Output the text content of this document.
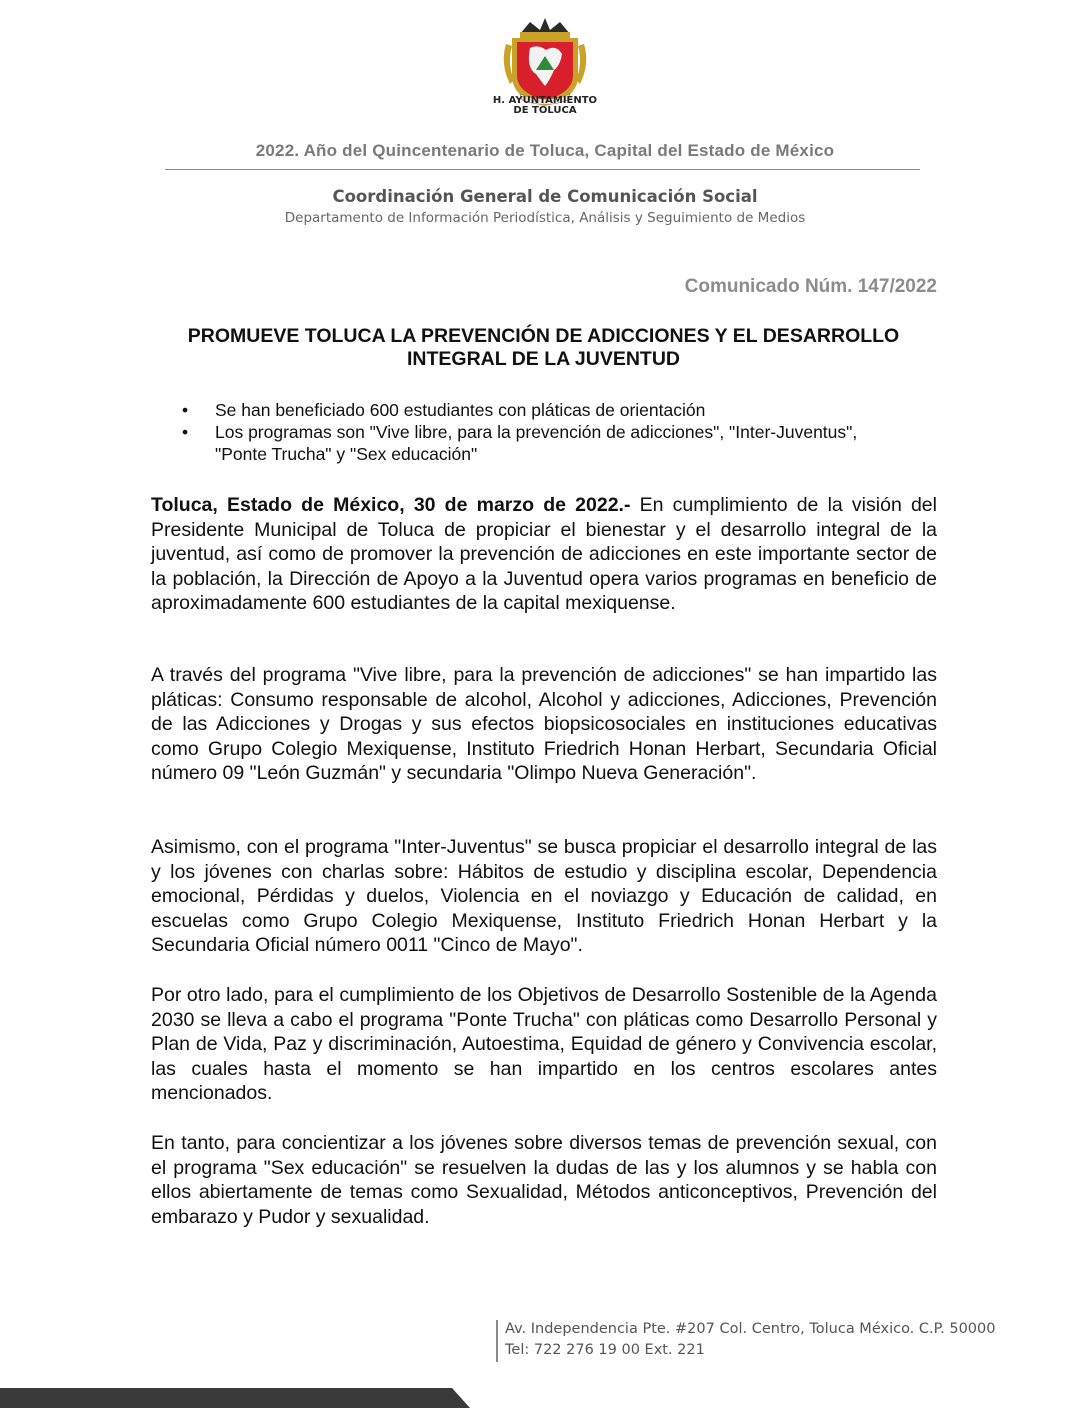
H. AYUNTAMIENTO
DE TOLUCA
2022. Año del Quincentenario de Toluca, Capital del Estado de México
Coordinación General de Comunicación Social
Departamento de Información Periodística, Análisis y Seguimiento de Medios
Comunicado Núm. 147/2022
PROMUEVE TOLUCA LA PREVENCIÓN DE ADICCIONES Y EL DESARROLLO
INTEGRAL DE LA JUVENTUD
• Se han beneficiado 600 estudiantes con pláticas de orientación
• Los programas son "Vive libre, para la prevención de adicciones", "Inter-Juventus", "Ponte Trucha" y "Sex educación"

Toluca, Estado de México, 30 de marzo de 2022.- En cumplimiento de la visión del Presidente Municipal de Toluca de propiciar el bienestar y el desarrollo integral de la juventud, así como de promover la prevención de adicciones en este importante sector de la población, la Dirección de Apoyo a la Juventud opera varios programas en beneficio de aproximadamente 600 estudiantes de la capital mexiquense.

A través del programa "Vive libre, para la prevención de adicciones" se han impartido las pláticas: Consumo responsable de alcohol, Alcohol y adicciones, Adicciones, Prevención de las Adicciones y Drogas y sus efectos biopsicosociales en instituciones educativas como Grupo Colegio Mexiquense, Instituto Friedrich Honan Herbart, Secundaria Oficial número 09 "León Guzmán" y secundaria "Olimpo Nueva Generación".

Asimismo, con el programa "Inter-Juventus" se busca propiciar el desarrollo integral de las y los jóvenes con charlas sobre: Hábitos de estudio y disciplina escolar, Dependencia emocional, Pérdidas y duelos, Violencia en el noviazgo y Educación de calidad, en escuelas como Grupo Colegio Mexiquense, Instituto Friedrich Honan Herbart y la Secundaria Oficial número 0011 "Cinco de Mayo".

Por otro lado, para el cumplimiento de los Objetivos de Desarrollo Sostenible de la Agenda 2030 se lleva a cabo el programa "Ponte Trucha" con pláticas como Desarrollo Personal y Plan de Vida, Paz y discriminación, Autoestima, Equidad de género y Convivencia escolar, las cuales hasta el momento se han impartido en los centros escolares antes mencionados.

En tanto, para concientizar a los jóvenes sobre diversos temas de prevención sexual, con el programa "Sex educación" se resuelven la dudas de las y los alumnos y se habla con ellos abiertamente de temas como Sexualidad, Métodos anticonceptivos, Prevención del embarazo y Pudor y sexualidad.

Av. Independencia Pte. #207 Col. Centro, Toluca México. C.P. 50000
Tel: 722 276 19 00 Ext. 221
